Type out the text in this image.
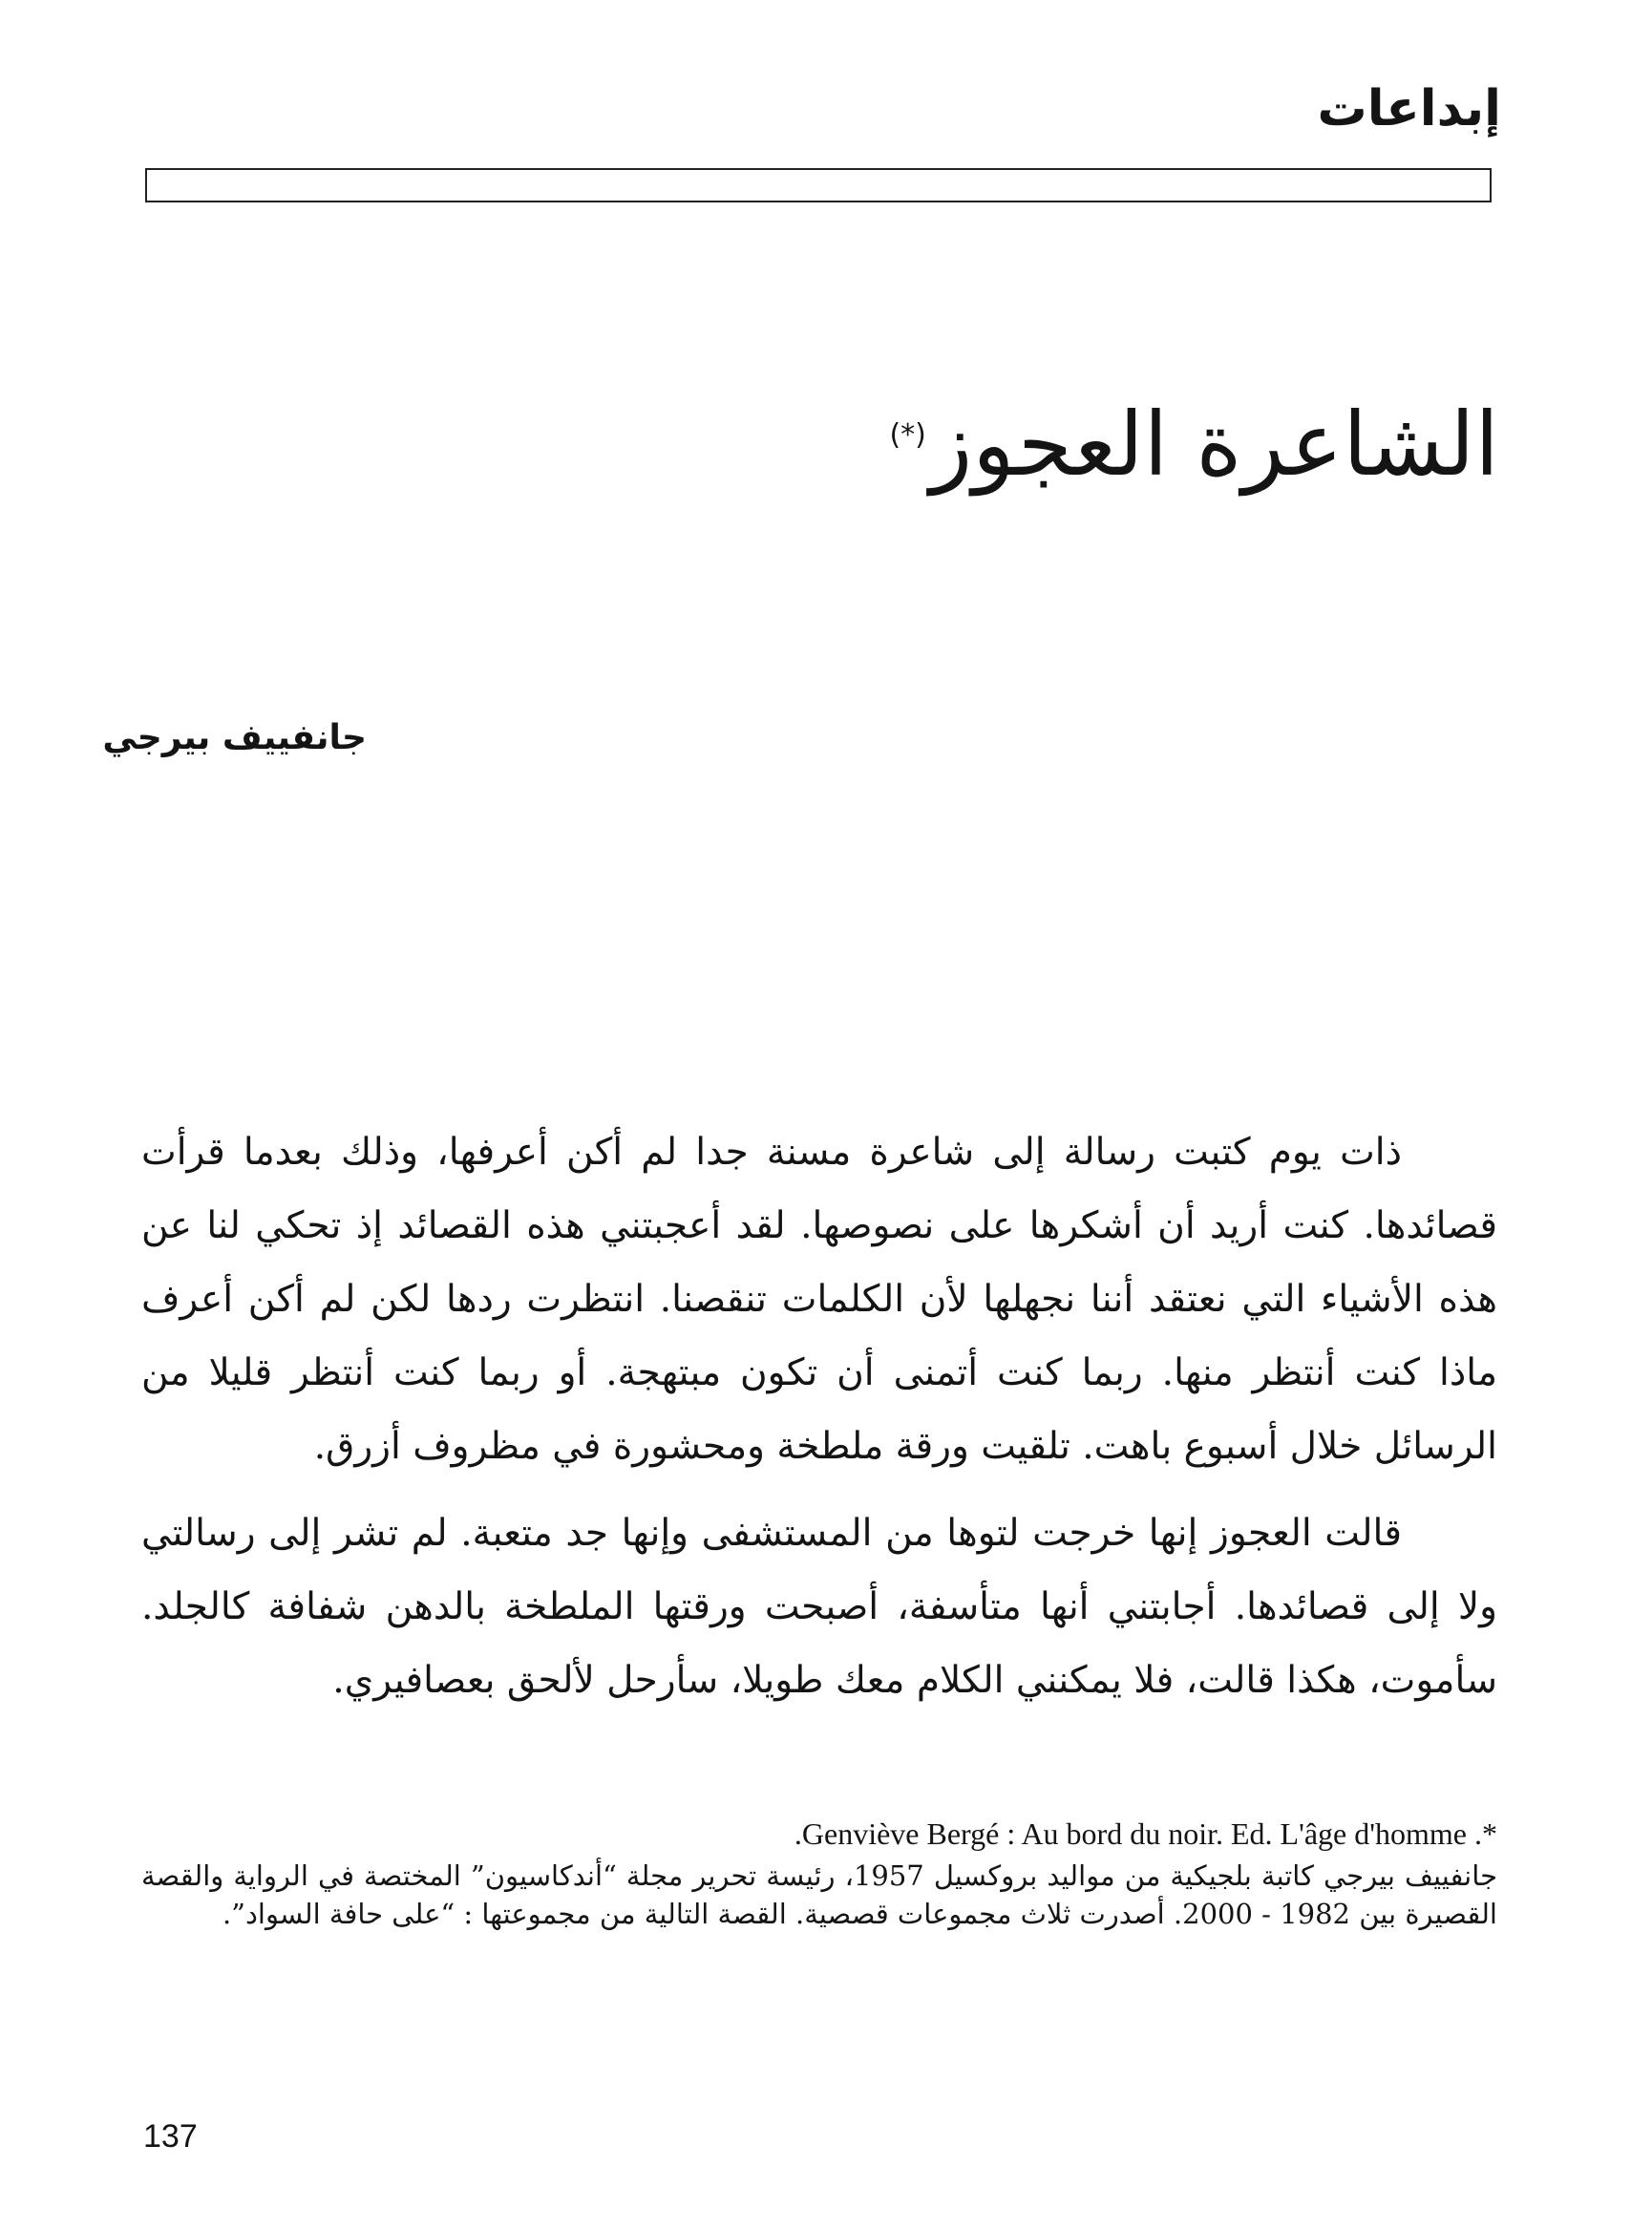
إبداعات
الشاعرة العجوز(*)
جانفييف بيرجي

ذات يوم كتبت رسالة إلى شاعرة مسنة جدا لم أكن أعرفها، وذلك بعدما قرأت قصائدها. كنت أريد أن أشكرها على نصوصها. لقد أعجبتني هذه القصائد إذ تحكي لنا عن هذه الأشياء التي نعتقد أننا نجهلها لأن الكلمات تنقصنا. انتظرت ردها لكن لم أكن أعرف ماذا كنت أنتظر منها. ربما كنت أتمنى أن تكون مبتهجة. أو ربما كنت أنتظر قليلا من الرسائل خلال أسبوع باهت. تلقيت ورقة ملطخة ومحشورة في مظروف أزرق.

قالت العجوز إنها خرجت لتوها من المستشفى وإنها جد متعبة. لم تشر إلى رسالتي ولا إلى قصائدها. أجابتني أنها متأسفة، أصبحت ورقتها الملطخة بالدهن شفافة كالجلد. سأموت، هكذا قالت، فلا يمكنني الكلام معك طويلا، سأرحل لألحق بعصافيري.

.Genviève Bergé : Au bord du noir. Ed. L'âge d'homme .*
جانفييف بيرجي كاتبة بلجيكية من مواليد بروكسيل 1957، رئيسة تحرير مجلة “أندكاسيون” المختصة في الرواية والقصة القصيرة بين 1982 - 2000. أصدرت ثلاث مجموعات قصصية. القصة التالية من مجموعتها : “على حافة السواد”.
137
